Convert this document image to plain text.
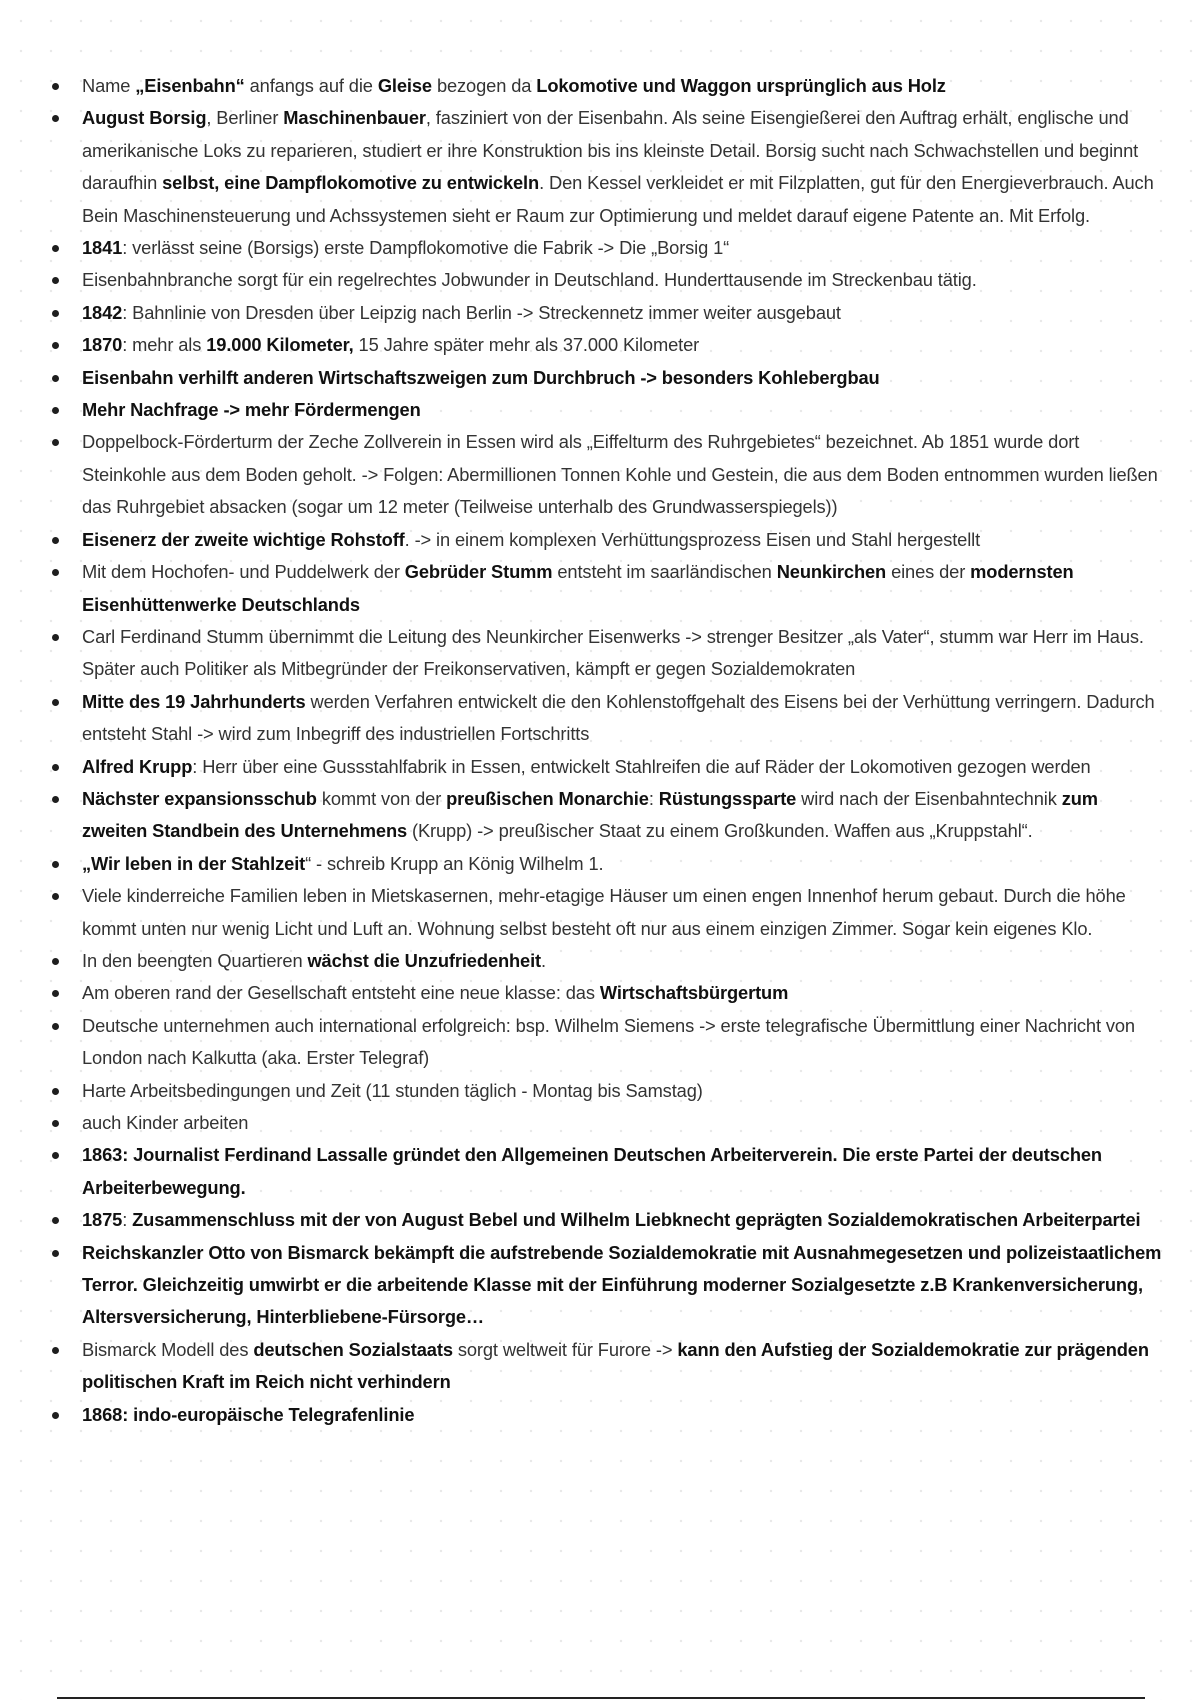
Name „Eisenbahn“ anfangs auf die Gleise bezogen da Lokomotive und Waggon ursprünglich aus Holz
August Borsig, Berliner Maschinenbauer, fasziniert von der Eisenbahn. Als seine Eisengießerei den Auftrag erhält, englische und amerikanische Loks zu reparieren, studiert er ihre Konstruktion bis ins kleinste Detail. Borsig sucht nach Schwachstellen und beginnt daraufhin selbst, eine Dampflokomotive zu entwickeln. Den Kessel verkleidet er mit Filzplatten, gut für den Energieverbrauch. Auch Bein Maschinensteuerung und Achssystemen sieht er Raum zur Optimierung und meldet darauf eigene Patente an. Mit Erfolg.
1841: verlässt seine (Borsigs) erste Dampflokomotive die Fabrik -> Die „Borsig 1“
Eisenbahnbranche sorgt für ein regelrechtes Jobwunder in Deutschland. Hunderttausende im Streckenbau tätig.
1842: Bahnlinie von Dresden über Leipzig nach Berlin -> Streckennetz immer weiter ausgebaut
1870: mehr als 19.000 Kilometer, 15 Jahre später mehr als 37.000 Kilometer
Eisenbahn verhilft anderen Wirtschaftszweigen zum Durchbruch -> besonders Kohlebergbau
Mehr Nachfrage -> mehr Fördermengen
Doppelbock-Förderturm der Zeche Zollverein in Essen wird als „Eiffelturm des Ruhrgebietes“ bezeichnet. Ab 1851 wurde dort Steinkohle aus dem Boden geholt. -> Folgen: Abermillionen Tonnen Kohle und Gestein, die aus dem Boden entnommen wurden ließen das Ruhrgebiet absacken (sogar um 12 meter (Teilweise unterhalb des Grundwasserspiegels))
Eisenerz der zweite wichtige Rohstoff. -> in einem komplexen Verhüttungsprozess Eisen und Stahl hergestellt
Mit dem Hochofen- und Puddelwerk der Gebrüder Stumm entsteht im saarländischen Neunkirchen eines der modernsten Eisenhüttenwerke Deutschlands
Carl Ferdinand Stumm übernimmt die Leitung des Neunkircher Eisenwerks -> strenger Besitzer „als Vater“, stumm war Herr im Haus. Später auch Politiker als Mitbegründer der Freikonservativen, kämpft er gegen Sozialdemokraten
Mitte des 19 Jahrhunderts werden Verfahren entwickelt die den Kohlenstoffgehalt des Eisens bei der Verhüttung verringern. Dadurch entsteht Stahl -> wird zum Inbegriff des industriellen Fortschritts
Alfred Krupp: Herr über eine Gussstahlfabrik in Essen, entwickelt Stahlreifen die auf Räder der Lokomotiven gezogen werden
Nächster expansionsschub kommt von der preußischen Monarchie: Rüstungssparte wird nach der Eisenbahntechnik zum zweiten Standbein des Unternehmens (Krupp) -> preußischer Staat zu einem Großkunden. Waffen aus „Kruppstahl“.
„Wir leben in der Stahlzeit“ - schreib Krupp an König Wilhelm 1.
Viele kinderreiche Familien leben in Mietskasernen, mehr-etagige Häuser um einen engen Innenhof herum gebaut. Durch die höhe kommt unten nur wenig Licht und Luft an. Wohnung selbst besteht oft nur aus einem einzigen Zimmer. Sogar kein eigenes Klo.
In den beengten Quartieren wächst die Unzufriedenheit.
Am oberen rand der Gesellschaft entsteht eine neue klasse: das Wirtschaftsbürgertum
Deutsche unternehmen auch international erfolgreich: bsp. Wilhelm Siemens -> erste telegrafische Übermittlung einer Nachricht von London nach Kalkutta (aka. Erster Telegraf)
Harte Arbeitsbedingungen und Zeit (11 stunden täglich - Montag bis Samstag)
auch Kinder arbeiten
1863: Journalist Ferdinand Lassalle gründet den Allgemeinen Deutschen Arbeiterverein. Die erste Partei der deutschen Arbeiterbewegung.
1875: Zusammenschluss mit der von August Bebel und Wilhelm Liebknecht geprägten Sozialdemokratischen Arbeiterpartei
Reichskanzler Otto von Bismarck bekämpft die aufstrebende Sozialdemokratie mit Ausnahmegesetzen und polizeistaatlichem Terror. Gleichzeitig umwirbt er die arbeitende Klasse mit der Einführung moderner Sozialgesetzte z.B Krankenversicherung, Altersversicherung, Hinterbliebene-Fürsorge…
Bismarck Modell des deutschen Sozialstaats sorgt weltweit für Furore -> kann den Aufstieg der Sozialdemokratie zur prägenden politischen Kraft im Reich nicht verhindern
1868: indo-europäische Telegrafenlinie
